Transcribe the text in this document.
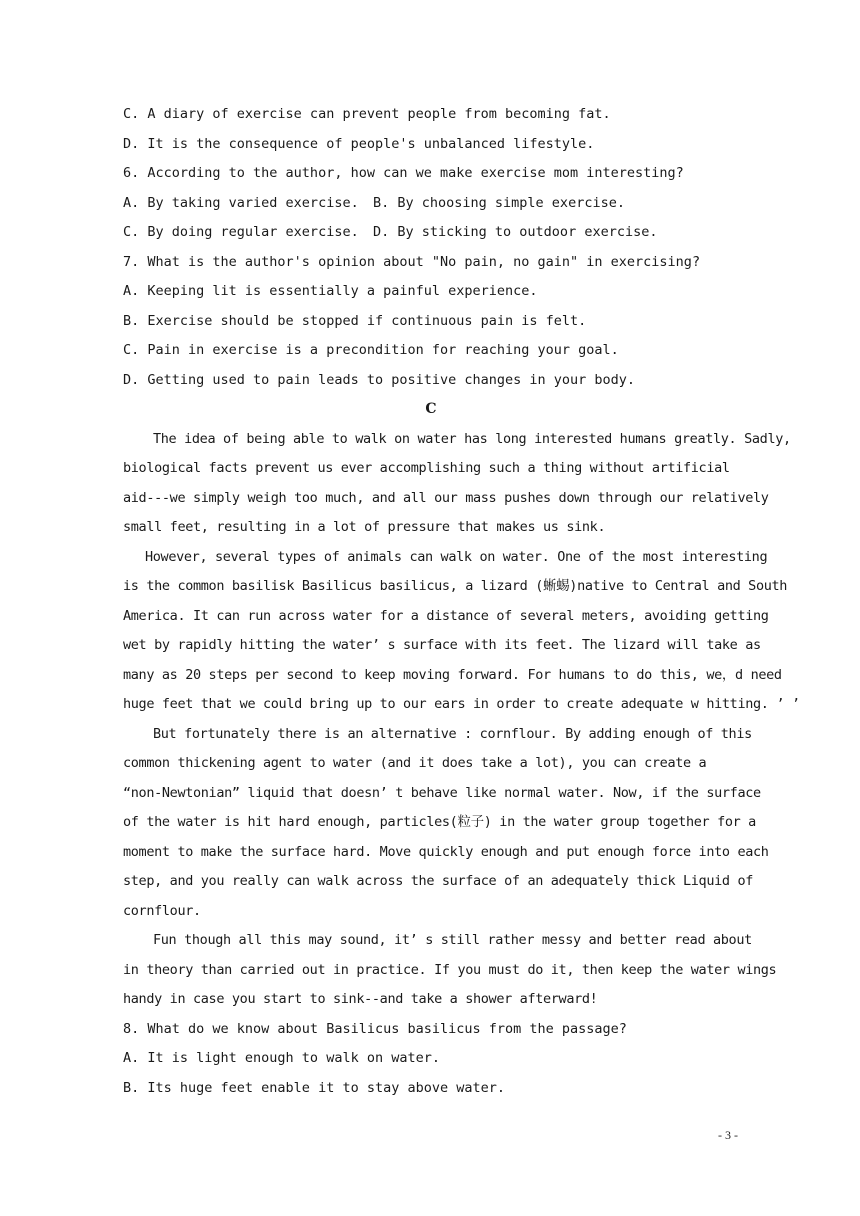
C. A diary of exercise can prevent people from becoming fat.
D. It is the consequence of people's unbalanced lifestyle.
6. According to the author, how can we make exercise mom interesting?
A. By taking varied exercise.	B. By choosing simple exercise.
C. By doing regular exercise.	D. By sticking to outdoor exercise.
7. What is the author's opinion about "No pain, no gain" in exercising?
A. Keeping lit is essentially a painful experience.
B. Exercise should be stopped if continuous pain is felt.
C. Pain in exercise is a precondition for reaching your goal.
D. Getting used to pain leads to positive changes in your body.
C
The idea of being able to walk on water has long interested humans greatly. Sadly,
biological facts prevent us ever accomplishing such a thing without artificial
aid---we simply weigh too much, and all our mass pushes down through our relatively
small feet, resulting in a lot of pressure that makes us sink.
However, several types of animals can walk on water. One of the most interesting
is the common basilisk Basilicus basilicus, a lizard (蜥蜴)native to Central and South
America. It can run across water for a distance of several meters, avoiding getting
wet by rapidly hitting the water’ s surface with its feet. The lizard will take as
many as 20 steps per second to keep moving forward. For humans to do this, we，d need
huge feet that we could bring up to our ears in order to create adequate w hitting. ’ ’
But fortunately there is an alternative : cornflour. By adding enough of this
common thickening agent to water (and it does take a lot), you can create a
“non-Newtonian” liquid that doesn’ t behave like normal water. Now, if the surface
of the water is hit hard enough, particles(粒子) in the water group together for a
moment to make the surface hard. Move quickly enough and put enough force into each
step, and you really can walk across the surface of an adequately thick Liquid of
cornflour.
Fun though all this may sound, it’ s still rather messy and better read about
in theory than carried out in practice. If you must do it, then keep the water wings
handy in case you start to sink--and take a shower afterward!
8. What do we know about Basilicus basilicus from the passage?
A. It is light enough to walk on water.
B. Its huge feet enable it to stay above water.
- 3 -
